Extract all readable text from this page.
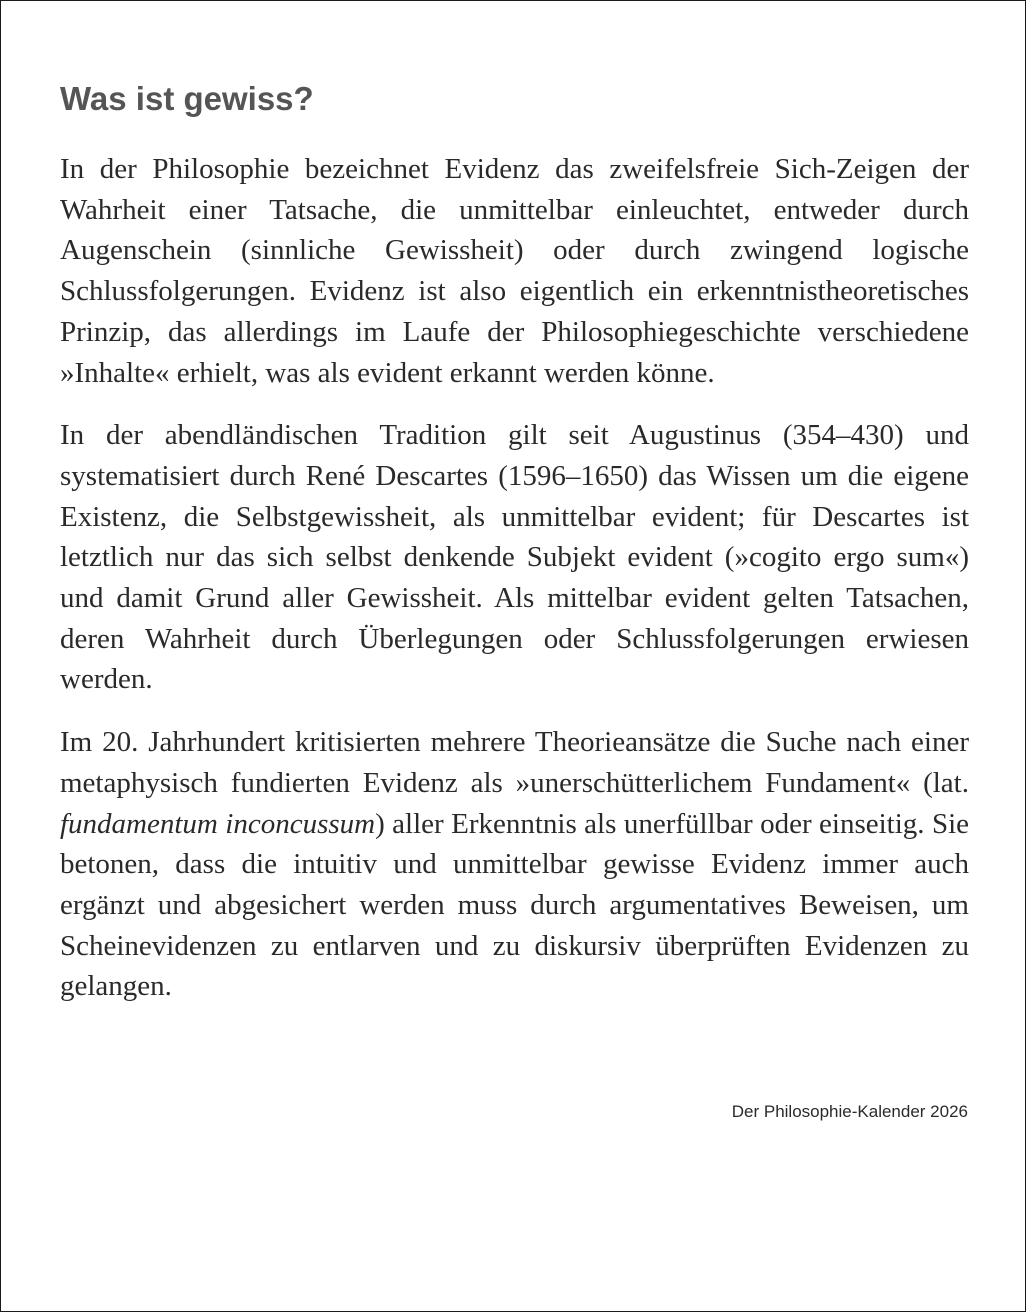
Was ist gewiss?

In der Philosophie bezeichnet Evidenz das zweifelsfreie Sich-Zeigen der Wahrheit einer Tatsache, die unmittelbar einleuchtet, entweder durch Augenschein (sinnliche Gewissheit) oder durch zwingend logische Schlussfolgerungen. Evidenz ist also eigentlich ein erkenntnistheoretisches Prinzip, das allerdings im Laufe der Philosophiegeschichte verschiedene »Inhalte« erhielt, was als evident erkannt werden könne.

In der abendländischen Tradition gilt seit Augustinus (354–430) und systematisiert durch René Descartes (1596–1650) das Wissen um die eigene Existenz, die Selbstgewissheit, als unmittelbar evident; für Descartes ist letztlich nur das sich selbst denkende Subjekt evident (»cogito ergo sum«) und damit Grund aller Gewissheit. Als mittelbar evident gelten Tatsachen, deren Wahrheit durch Überlegungen oder Schlussfolgerungen erwiesen werden.

Im 20. Jahrhundert kritisierten mehrere Theorieansätze die Suche nach einer metaphysisch fundierten Evidenz als »unerschütterlichem Fundament« (lat. fundamentum inconcussum) aller Erkenntnis als unerfüllbar oder einseitig. Sie betonen, dass die intuitiv und unmittelbar gewisse Evidenz immer auch ergänzt und abgesichert werden muss durch argumentatives Beweisen, um Scheinevidenzen zu entlarven und zu diskursiv überprüften Evidenzen zu gelangen.

Der Philosophie-Kalender 2026
